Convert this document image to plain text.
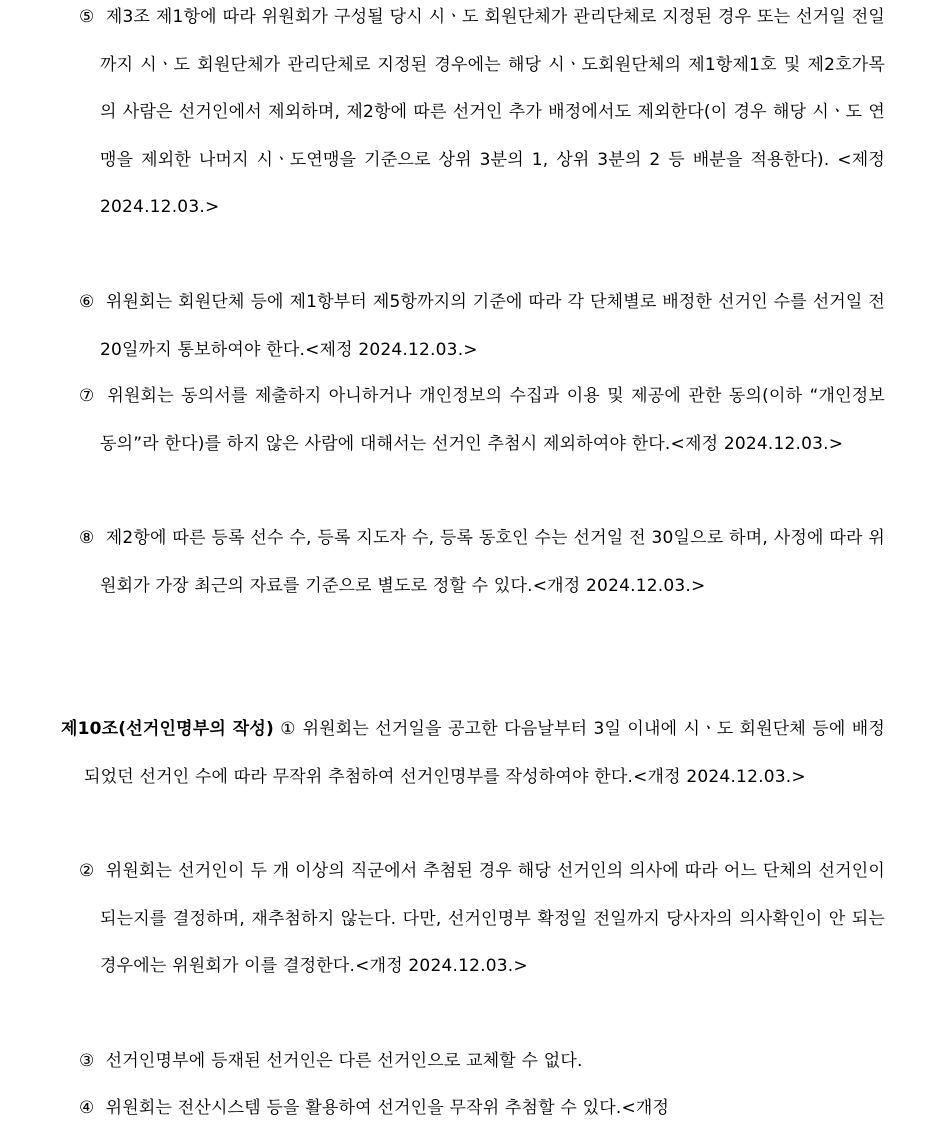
⑤ 제3조 제1항에 따라 위원회가 구성될 당시 시ㆍ도 회원단체가 관리단체로 지정된 경우 또는 선거일 전일까지 시ㆍ도 회원단체가 관리단체로 지정된 경우에는 해당 시ㆍ도회원단체의 제1항제1호 및 제2호가목의 사람은 선거인에서 제외하며, 제2항에 따른 선거인 추가 배정에서도 제외한다(이 경우 해당 시ㆍ도 연맹을 제외한 나머지 시ㆍ도연맹을 기준으로 상위 3분의 1, 상위 3분의 2 등 배분을 적용한다). <제정 2024.12.03.>

⑥ 위원회는 회원단체 등에 제1항부터 제5항까지의 기준에 따라 각 단체별로 배정한 선거인 수를 선거일 전 20일까지 통보하여야 한다.<제정 2024.12.03.>

⑦ 위원회는 동의서를 제출하지 아니하거나 개인정보의 수집과 이용 및 제공에 관한 동의(이하 “개인정보 동의”라 한다)를 하지 않은 사람에 대해서는 선거인 추첨시 제외하여야 한다.<제정 2024.12.03.>

⑧ 제2항에 따른 등록 선수 수, 등록 지도자 수, 등록 동호인 수는 선거일 전 30일으로 하며, 사정에 따라 위원회가 가장 최근의 자료를 기준으로 별도로 정할 수 있다.<개정 2024.12.03.>

제10조(선거인명부의 작성) ① 위원회는 선거일을 공고한 다음날부터 3일 이내에 시ㆍ도 회원단체 등에 배정되었던 선거인 수에 따라 무작위 추첨하여 선거인명부를 작성하여야 한다.<개정 2024.12.03.>

② 위원회는 선거인이 두 개 이상의 직군에서 추첨된 경우 해당 선거인의 의사에 따라 어느 단체의 선거인이 되는지를 결정하며, 재추첨하지 않는다. 다만, 선거인명부 확정일 전일까지 당사자의 의사확인이 안 되는 경우에는 위원회가 이를 결정한다.<개정 2024.12.03.>

③ 선거인명부에 등재된 선거인은 다른 선거인으로 교체할 수 없다.

④ 위원회는 전산시스템 등을 활용하여 선거인을 무작위 추첨할 수 있다.<개정
